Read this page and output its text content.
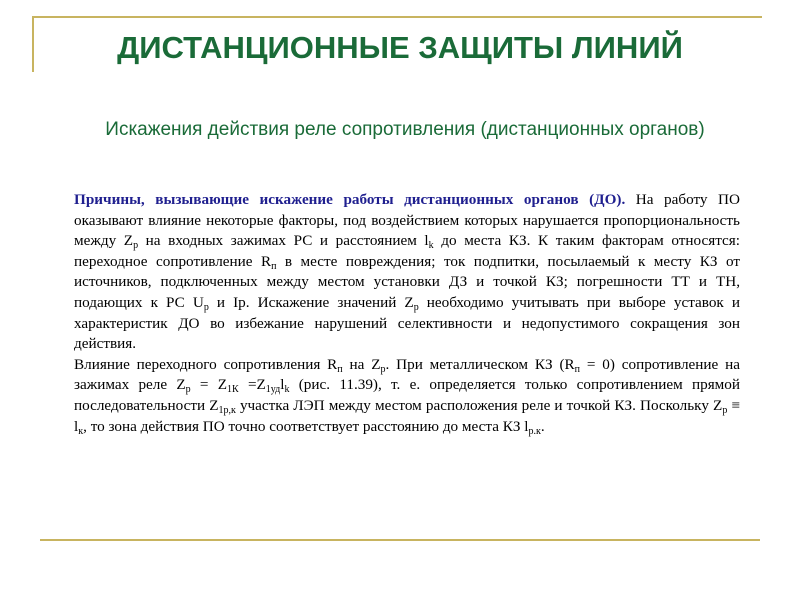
ДИСТАНЦИОННЫЕ ЗАЩИТЫ ЛИНИЙ
Искажения действия реле сопротивления (дистанционных органов)

Причины, вызывающие искажение работы дистанционных органов (ДО). На работу ПО оказывают влияние некоторые факторы, под воздействием которых нарушается пропорциональность между $Z_р$ на входных зажимах РС и расстоянием $l_k$ до места КЗ. К таким факторам относятся: переходное сопротивление $R_п$ в месте повреждения; ток подпитки, посылаемый к месту КЗ от источников, подключенных между местом установки ДЗ и точкой КЗ; погрешности ТТ и ТН, подающих к РС $U_р$ и Iр. Искажение значений $Z_р$ необходимо учитывать при выборе уставок и характеристик ДО во избежание нарушений селективности и недопустимого сокращения зон действия.

Влияние переходного сопротивления $R_п$ на $Z_р$. При металлическом КЗ $(R_п = 0)$ сопротивление на зажимах реле $Z_р = Z_{1К} =Z_{1уд}l_k$ (рис. 11.39), т. е. определяется только сопротивлением прямой последовательности $Z_{1р,к}$ участка ЛЭП между местом расположения реле и точкой КЗ. Поскольку $Z_р \equiv l_к$, то зона действия ПО точно соответствует расстоянию до места КЗ $l_{р.к}$.
